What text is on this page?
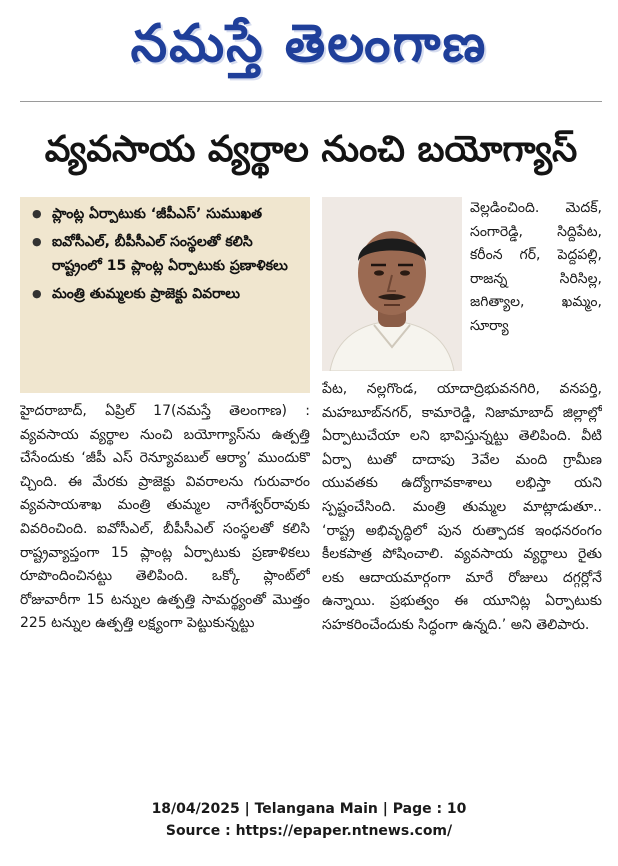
నమస్తే తెలంగాణ
వ్యవసాయ వ్యర్థాల నుంచి బయోగ్యాస్
● ప్లాంట్ల ఏర్పాటుకు ‘జీపీఎస్’ సుముఖత
● ఐవోసీఎల్, బీపీసీఎల్ సంస్థలతో కలిసి రాష్ట్రంలో 15 ప్లాంట్ల ఏర్పాటుకు ప్రణాళికలు
● మంత్రి తుమ్మలకు ప్రాజెక్టు వివరాలు
హైదరాబాద్, ఏప్రిల్ 17(నమస్తే తెలంగాణ) : వ్యవసాయ వ్యర్థాల నుంచి బయోగ్యాస్‌ను ఉత్పత్తి చేసేందుకు ‘జీపీ ఎస్ రెన్యూవబుల్ ఆర్యా’ ముందుకొ చ్చింది. ఈ మేరకు ప్రాజెక్టు వివరాలను గురువారం వ్యవసాయశాఖ మంత్రి తుమ్మల నాగేశ్వర్‌రావుకు వివరించింది. ఐవోసీఎల్, బీపీసీఎల్ సంస్థలతో కలిసి రాష్ట్రవ్యాప్తంగా 15 ప్లాంట్ల ఏర్పాటుకు ప్రణాళికలు రూపొందించినట్టు తెలిపింది. ఒక్కో ప్లాంట్‌లో రోజువారీగా 15 టన్నుల ఉత్పత్తి సామర్థ్యంతో మొత్తం 225 టన్నుల ఉత్పత్తి లక్ష్యంగా పెట్టుకున్నట్టు
వెల్లడించింది. మెదక్, సంగారెడ్డి, సిద్దిపేట, కరీంన గర్, పెద్దపల్లి, రాజన్న సిరిసిల్ల, జగిత్యాల, ఖమ్మం, సూర్యా
పేట, నల్లగొండ, యాదాద్రిభువనగిరి, వనపర్తి, మహబూబ్‌నగర్, కామారెడ్డి, నిజామాబాద్ జిల్లాల్లో ఏర్పాటుచేయా లని భావిస్తున్నట్టు తెలిపింది. వీటి ఏర్పా టుతో దాదాపు 3వేల మంది గ్రామీణ యువతకు ఉద్యోగావకాశాలు లభిస్తా యని స్పష్టంచేసింది. మంత్రి తుమ్మల మాట్లాడుతూ.. ‘రాష్ట్ర అభివృద్ధిలో పున రుత్పాదక ఇంధనరంగం కీలకపాత్ర పోషించాలి. వ్యవసాయ వ్యర్థాలు రైతు లకు ఆదాయమార్గంగా మారే రోజులు దగ్గర్లోనే ఉన్నాయి. ప్రభుత్వం ఈ యూనిట్ల ఏర్పాటుకు సహకరించేందుకు సిద్ధంగా ఉన్నది.’ అని తెలిపారు.
18/04/2025 | Telangana Main | Page : 10
Source : https://epaper.ntnews.com/
